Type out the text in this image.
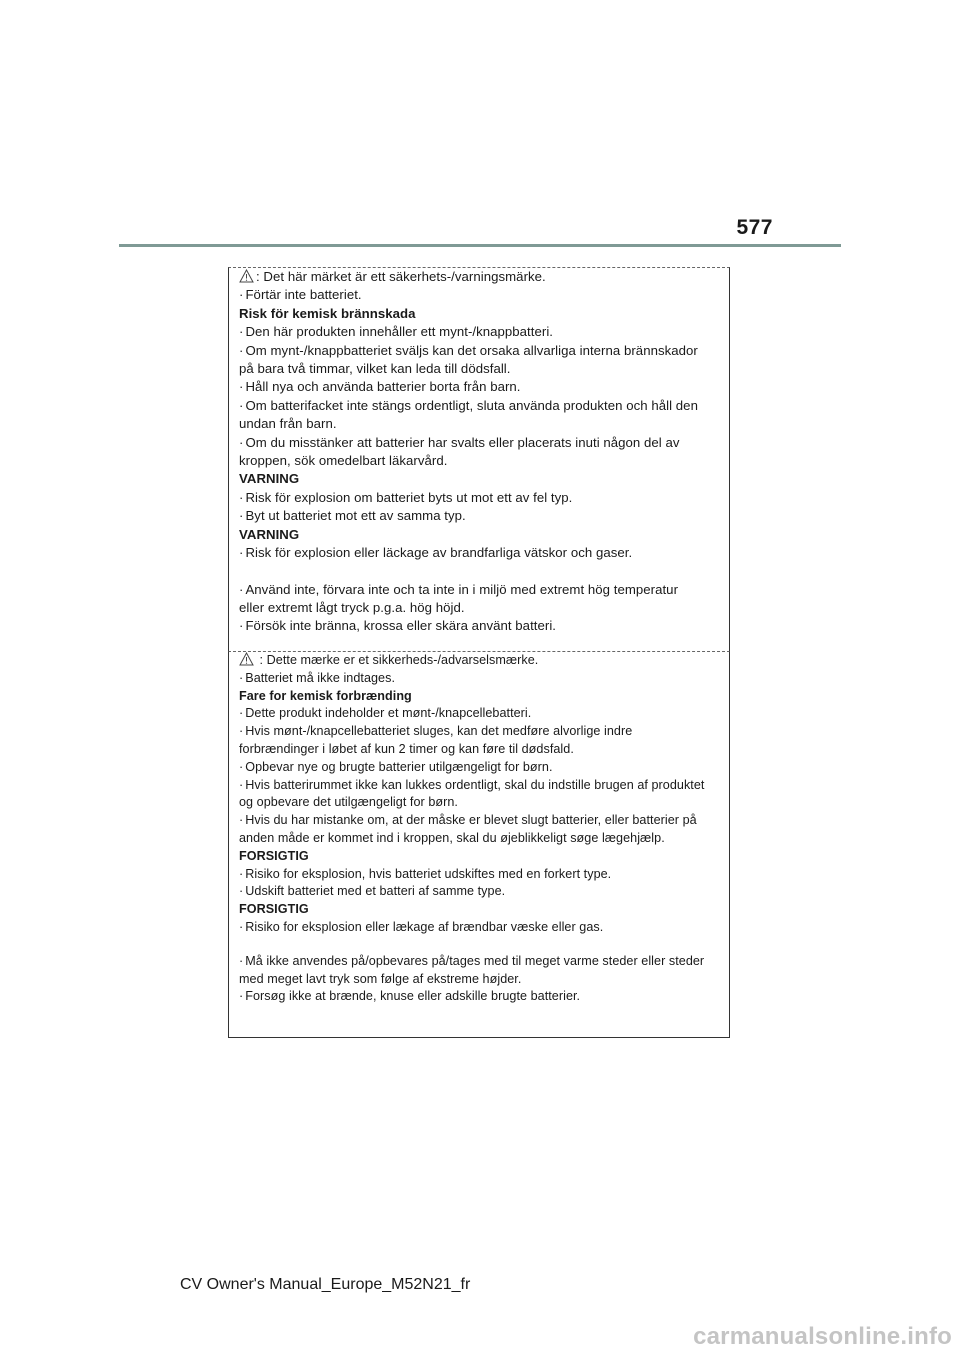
577
: Det här märket är ett säkerhets-/varningsmärke.
· Förtär inte batteriet.
Risk för kemisk brännskada
· Den här produkten innehåller ett mynt-/knappbatteri.
· Om mynt-/knappbatteriet sväljs kan det orsaka allvarliga interna brännskador
på bara två timmar, vilket kan leda till dödsfall.
· Håll nya och använda batterier borta från barn.
· Om batterifacket inte stängs ordentligt, sluta använda produkten och håll den
undan från barn.
· Om du misstänker att batterier har svalts eller placerats inuti någon del av
kroppen, sök omedelbart läkarvård.
VARNING
· Risk för explosion om batteriet byts ut mot ett av fel typ.
· Byt ut batteriet mot ett av samma typ.
VARNING
· Risk för explosion eller läckage av brandfarliga vätskor och gaser.
· Använd inte, förvara inte och ta inte in i miljö med extremt hög temperatur
eller extremt lågt tryck p.g.a. hög höjd.
· Försök inte bränna, krossa eller skära använt batteri.
: Dette mærke er et sikkerheds-/advarselsmærke.
· Batteriet må ikke indtages.
Fare for kemisk forbrænding
· Dette produkt indeholder et mønt-/knapcellebatteri.
· Hvis mønt-/knapcellebatteriet sluges, kan det medføre alvorlige indre
forbrændinger i løbet af kun 2 timer og kan føre til dødsfald.
· Opbevar nye og brugte batterier utilgængeligt for børn.
· Hvis batterirummet ikke kan lukkes ordentligt, skal du indstille brugen af produktet
og opbevare det utilgængeligt for børn.
· Hvis du har mistanke om, at der måske er blevet slugt batterier, eller batterier på
anden måde er kommet ind i kroppen, skal du øjeblikkeligt søge lægehjælp.
FORSIGTIG
· Risiko for eksplosion, hvis batteriet udskiftes med en forkert type.
· Udskift batteriet med et batteri af samme type.
FORSIGTIG
· Risiko for eksplosion eller lækage af brændbar væske eller gas.
· Må ikke anvendes på/opbevares på/tages med til meget varme steder eller steder
med meget lavt tryk som følge af ekstreme højder.
· Forsøg ikke at brænde, knuse eller adskille brugte batterier.
CV Owner's Manual_Europe_M52N21_fr
carmanualsonline.info
